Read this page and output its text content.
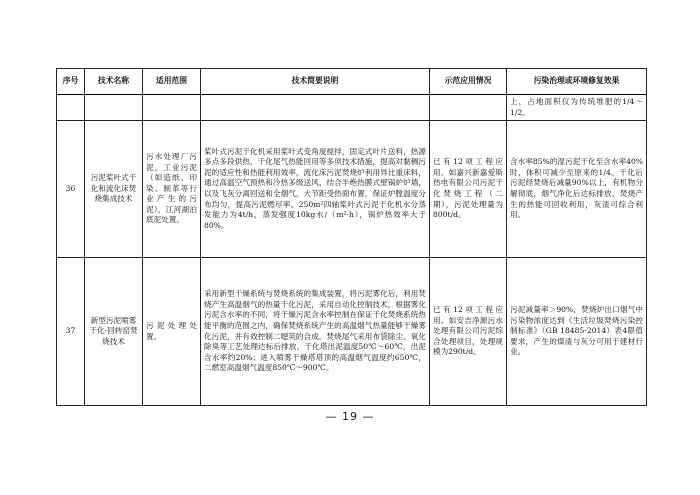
序号	技术名称	适用范围	技术简要说明	示范应用情况	污染治理或环境修复效果
					上，占地面积仅为传统堆肥的1/4～1/2。
36	污泥桨叶式干化和流化床焚烧集成技术	污水处理厂污泥，工业污泥（如造纸、印染、制革等行业产生的污泥），江河湖泊底泥处置。	桨叶式污泥干化机采用桨叶式变角度搅拌，固定式叶片送料，热源多点多段供热，干化尾气热能回用等多项技术措施，提高对黏稠污泥的适应性和热能利用效率，流化床污泥焚烧炉利用异比重床料，通过高温空气预热和冷热多级送风，结合半绝热膜式壁锅炉炉墙，以及飞灰分离回送和全烟气，大节距受热面布置，保证炉膛温度分布均匀，提高污泥燃尽率。250m²四轴桨叶式污泥干化机水分蒸发能力为4t/h，蒸发强度10kg水/（m²·h），锅炉热效率大于80%。	已有12项工程应用。如嘉兴新嘉爱斯热电有限公司污泥干化焚烧工程（二期），污泥处理量为800t/d。	含水率85%的湿污泥干化至含水率40%时，体积可减少至原来的1/4。干化后污泥经焚烧后减量90%以上，有机物分解彻底，烟气净化后达标排放，焚烧产生的热能可回收利用，灰渣可综合利用。
37	新型污泥喷雾干化-回转窑焚烧技术	污泥处理处置。	采用新型干燥系统与焚烧系统的集成装置，将污泥雾化后，利用焚烧产生高温烟气的热量干化污泥，采用自动化控制技术，根据雾化污泥含水率的不同，将干燥污泥含水率控制在保证干化焚烧系统热能平衡的范围之内，确保焚烧系统产生的高温烟气热量能够干燥雾化污泥，并有效控制二噁英的合成。焚烧尾气采用布袋除尘、氧化除臭等工艺处理达标后排放，干化塔出泥温度50℃～60℃，出泥含水率约20%；进入喷雾干燥塔塔顶的高温烟气温度约650℃，二燃室高温烟气温度850℃～900℃。	已有12项工程应用。如安吉净源污水处理有限公司污泥综合处理项目，处理规模为290t/d。	污泥减量率＞90%，焚烧炉出口烟气中污染物浓度达到《生活垃圾焚烧污染控制标准》（GB 18485-2014）表4限值要求，产生的煤渣与灰分可用于建材行业。
— 19 —
